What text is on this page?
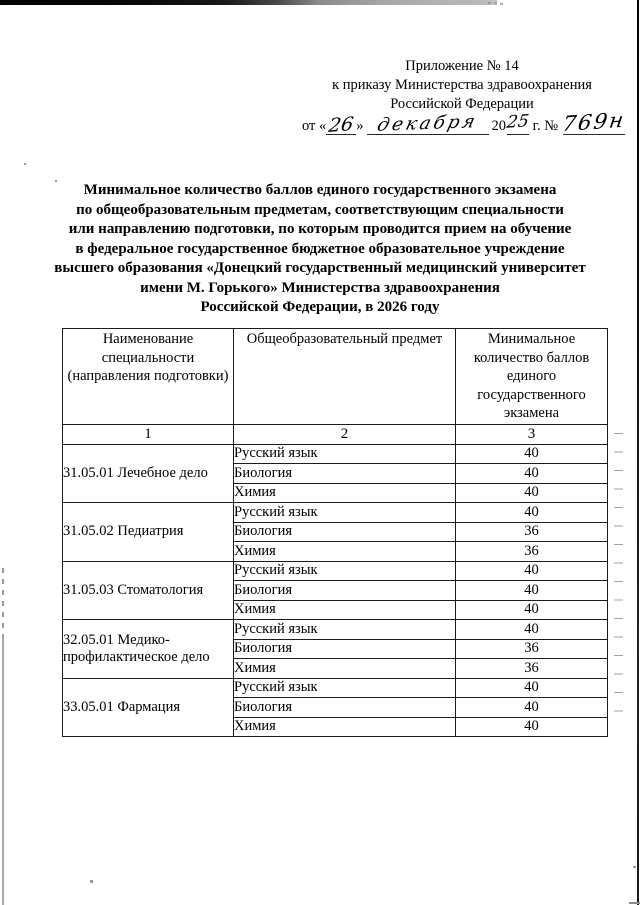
Приложение № 14
к приказу Министерства здравоохранения
Российской Федерации
от «26» декабря 2025 г. № 769н
Минимальное количество баллов единого государственного экзамена
по общеобразовательным предметам, соответствующим специальности
или направлению подготовки, по которым проводится прием на обучение
в федеральное государственное бюджетное образовательное учреждение
высшего образования «Донецкий государственный медицинский университет
имени М. Горького» Министерства здравоохранения
Российской Федерации, в 2026 году
Наименование специальности (направления подготовки)	Общеобразовательный предмет	Минимальное количество баллов единого государственного экзамена
1	2	3
31.05.01 Лечебное дело	Русский язык	40
	Биология	40
	Химия	40
31.05.02 Педиатрия	Русский язык	40
	Биология	36
	Химия	36
31.05.03 Стоматология	Русский язык	40
	Биология	40
	Химия	40
32.05.01 Медико-профилактическое дело	Русский язык	40
	Биология	36
	Химия	36
33.05.01 Фармация	Русский язык	40
	Биология	40
	Химия	40
